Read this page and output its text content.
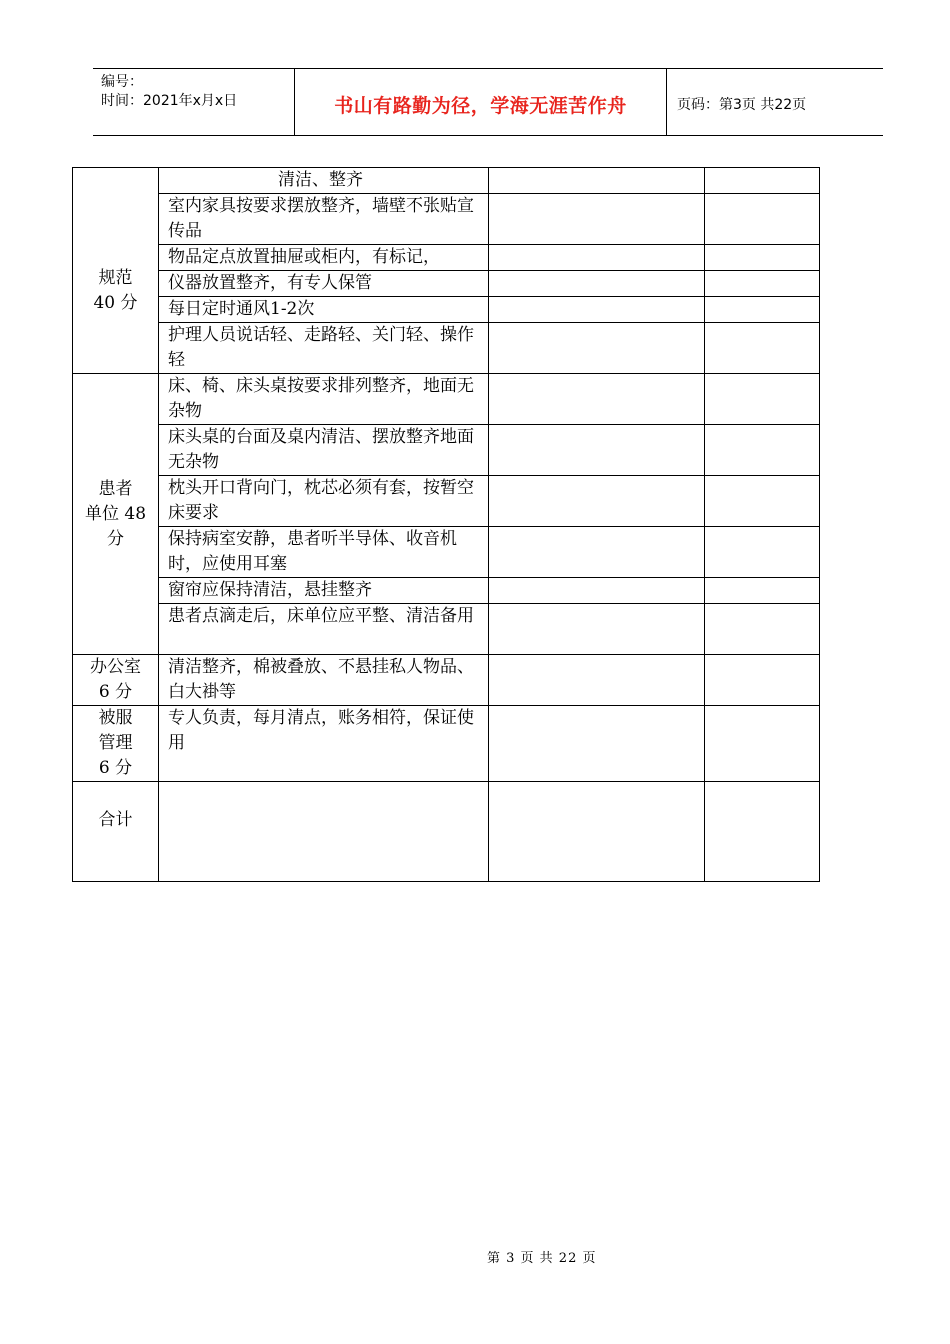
编号：
时间：2021年x月x日	书山有路勤为径，学海无涯苦作舟	页码：第3页 共22页
规范
40 分	清洁、整齐		
	室内家具按要求摆放整齐，墙壁不张贴宣传品		
	物品定点放置抽屉或柜内，有标记，		
	仪器放置整齐，有专人保管		
	每日定时通风1-2次		
	护理人员说话轻、走路轻、关门轻、操作轻		

患者
单位 48
分	床、椅、床头桌按要求排列整齐，地面无杂物		
	床头桌的台面及桌内清洁、摆放整齐地面无杂物		
	枕头开口背向门，枕芯必须有套，按暂空床要求		
	保持病室安静，患者听半导体、收音机时，应使用耳塞		
	窗帘应保持清洁，悬挂整齐		
	患者点滴走后，床单位应平整、清洁备用		
办公室
6 分	清洁整齐，棉被叠放、不悬挂私人物品、白大褂等		
被服
管理
6 分	专人负责，每月清点，账务相符，保证使用		

合计			

第 3 页 共 22 页
